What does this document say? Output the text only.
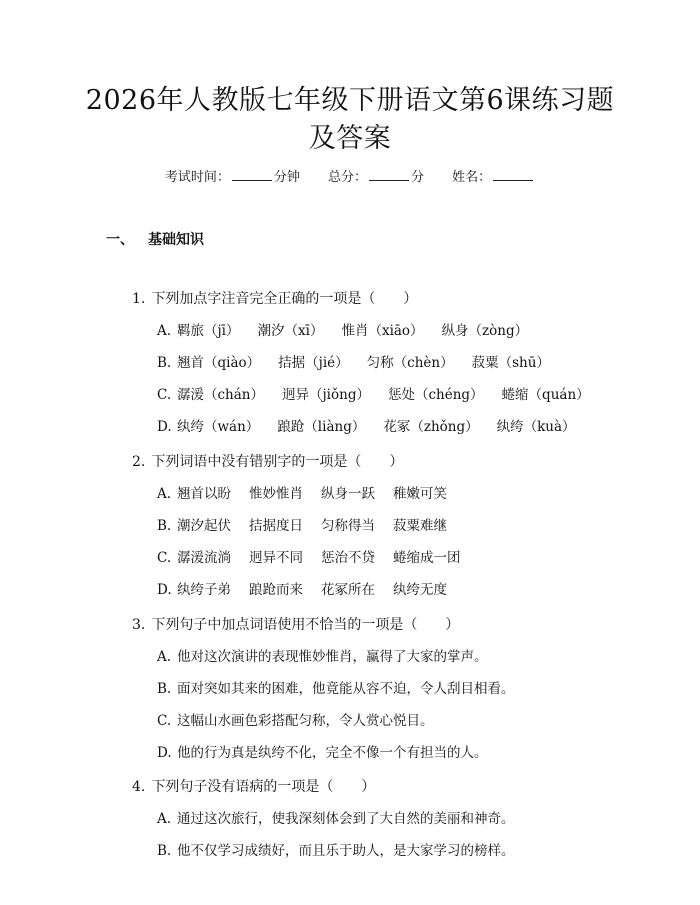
2026年人教版七年级下册语文第6课练习题
及答案
考试时间：	分钟 总分：	分 姓名：
一、 基础知识
1. 下列加点字注音完全正确的一项是（　　）
A. 羁旅（jī） 潮汐（xī） 惟肖（xiāo） 纵身（zòng）
B. 翘首（qiào） 拮据（jié） 匀称（chèn） 菽粟（shū）
C. 潺湲（chán） 迥异（jiǒng） 惩处（chéng） 蜷缩（quán）
D. 纨绔（wán） 踉跄（liàng） 花冢（zhǒng） 纨绔（kuà）
2. 下列词语中没有错别字的一项是（　　）
A. 翘首以盼 惟妙惟肖 纵身一跃 稚嫩可笑
B. 潮汐起伏 拮据度日 匀称得当 菽粟难继
C. 潺湲流淌 迥异不同 惩治不贷 蜷缩成一团
D. 纨绔子弟 踉跄而来 花冢所在 纨绔无度
3. 下列句子中加点词语使用不恰当的一项是（　　）
A. 他对这次演讲的表现惟妙惟肖，赢得了大家的掌声。
B. 面对突如其来的困难，他竟能从容不迫，令人刮目相看。
C. 这幅山水画色彩搭配匀称，令人赏心悦目。
D. 他的行为真是纨绔不化，完全不像一个有担当的人。
4. 下列句子没有语病的一项是（　　）
A. 通过这次旅行，使我深刻体会到了大自然的美丽和神奇。
B. 他不仅学习成绩好，而且乐于助人，是大家学习的榜样。
